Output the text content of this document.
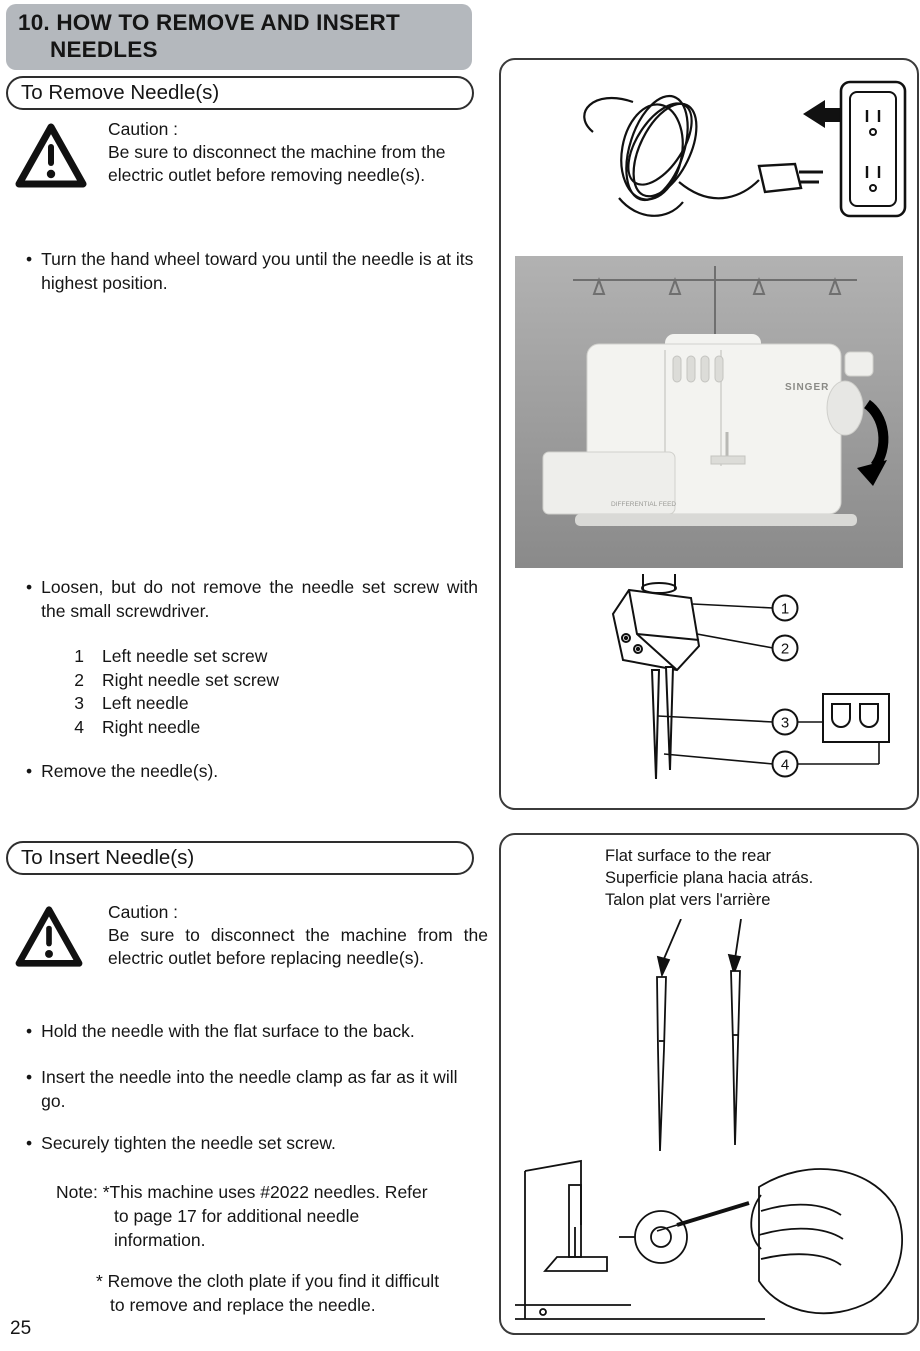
10. HOW TO REMOVE AND INSERT
NEEDLES
To Remove Needle(s)
Caution :
Be sure to disconnect the machine from the electric outlet before removing needle(s).
• Turn the hand wheel toward you until the needle is at its highest position.
• Loosen, but do not remove the needle set screw with the small screwdriver.
1 Left needle set screw
2 Right needle set screw
3 Left needle
4 Right needle
• Remove the needle(s).
SINGER
DIFFERENTIAL FEED
1
2
3
4
To Insert Needle(s)
Caution :
Be sure to disconnect the machine from the electric outlet before replacing needle(s).
• Hold the needle with the flat surface to the back.
• Insert the needle into the needle clamp as far as it will go.
• Securely tighten the needle set screw.
Note: *This machine uses #2022 needles. Refer
to page 17 for additional needle
information.
* Remove the cloth plate if you find it difficult
to remove and replace the needle.
Flat surface to the rear
Superficie plana hacia atrás.
Talon plat vers l'arrière
25
